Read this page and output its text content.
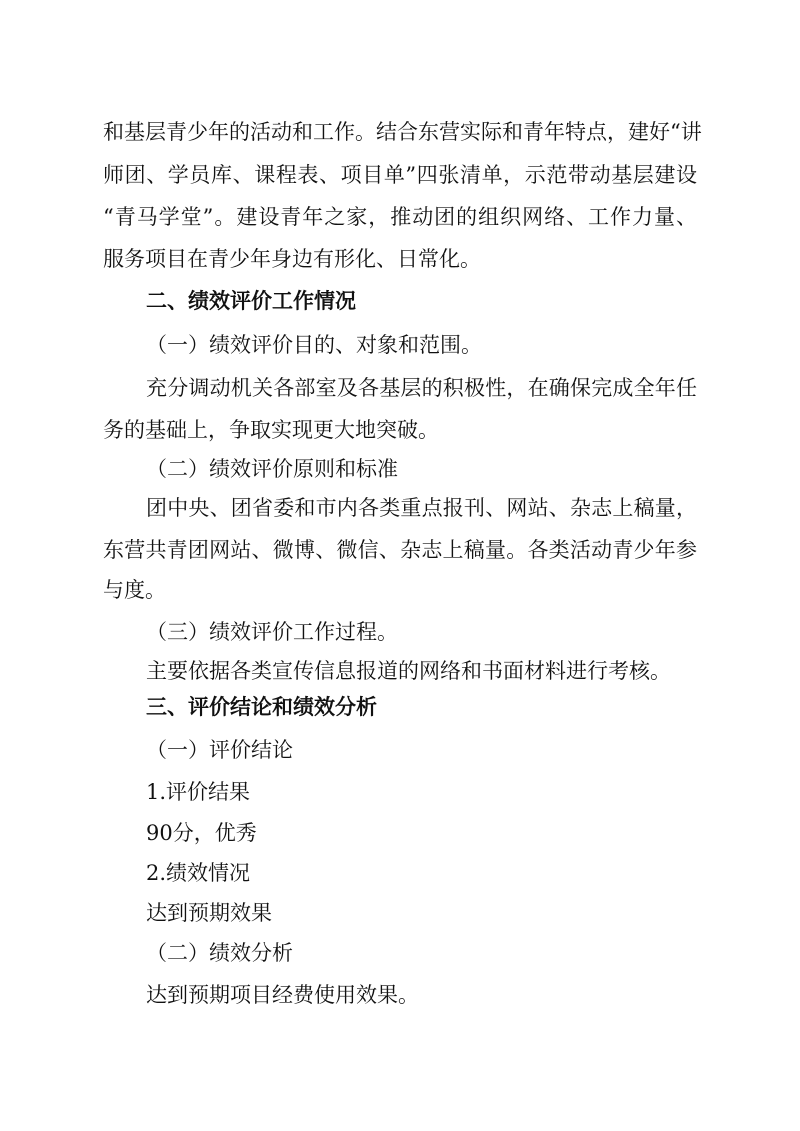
和基层青少年的活动和工作。结合东营实际和青年特点，建好“讲
师团、学员库、课程表、项目单”四张清单，示范带动基层建设
“青马学堂”。建设青年之家，推动团的组织网络、工作力量、
服务项目在青少年身边有形化、日常化。
二、绩效评价工作情况
（一）绩效评价目的、对象和范围。
充分调动机关各部室及各基层的积极性，在确保完成全年任
务的基础上，争取实现更大地突破。
（二）绩效评价原则和标准
团中央、团省委和市内各类重点报刊、网站、杂志上稿量，
东营共青团网站、微博、微信、杂志上稿量。各类活动青少年参
与度。
（三）绩效评价工作过程。
主要依据各类宣传信息报道的网络和书面材料进行考核。
三、评价结论和绩效分析
（一）评价结论
1.评价结果
90分，优秀
2.绩效情况
达到预期效果
（二）绩效分析
达到预期项目经费使用效果。
